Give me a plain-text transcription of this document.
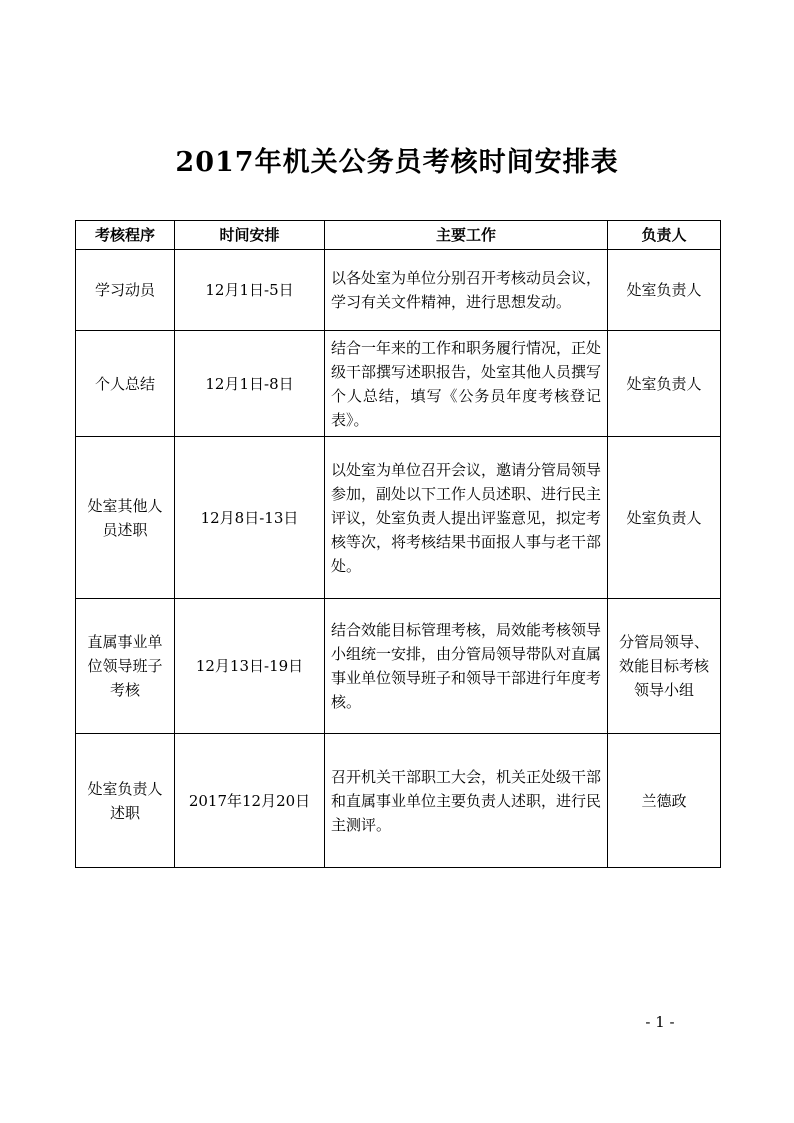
2017年机关公务员考核时间安排表
考核程序	时间安排	主要工作	负责人
学习动员	12月1日-5日	以各处室为单位分别召开考核动员会议，学习有关文件精神，进行思想发动。	处室负责人
个人总结	12月1日-8日	结合一年来的工作和职务履行情况，正处级干部撰写述职报告，处室其他人员撰写个人总结，填写《公务员年度考核登记表》。	处室负责人
处室其他人员述职	12月8日-13日	以处室为单位召开会议，邀请分管局领导参加，副处以下工作人员述职、进行民主评议，处室负责人提出评鉴意见，拟定考核等次，将考核结果书面报人事与老干部处。	处室负责人
直属事业单位领导班子考核	12月13日-19日	结合效能目标管理考核，局效能考核领导小组统一安排，由分管局领导带队对直属事业单位领导班子和领导干部进行年度考核。	分管局领导、效能目标考核领导小组
处室负责人述职	2017年12月20日	召开机关干部职工大会，机关正处级干部和直属事业单位主要负责人述职，进行民主测评。	兰德政
- 1 -
